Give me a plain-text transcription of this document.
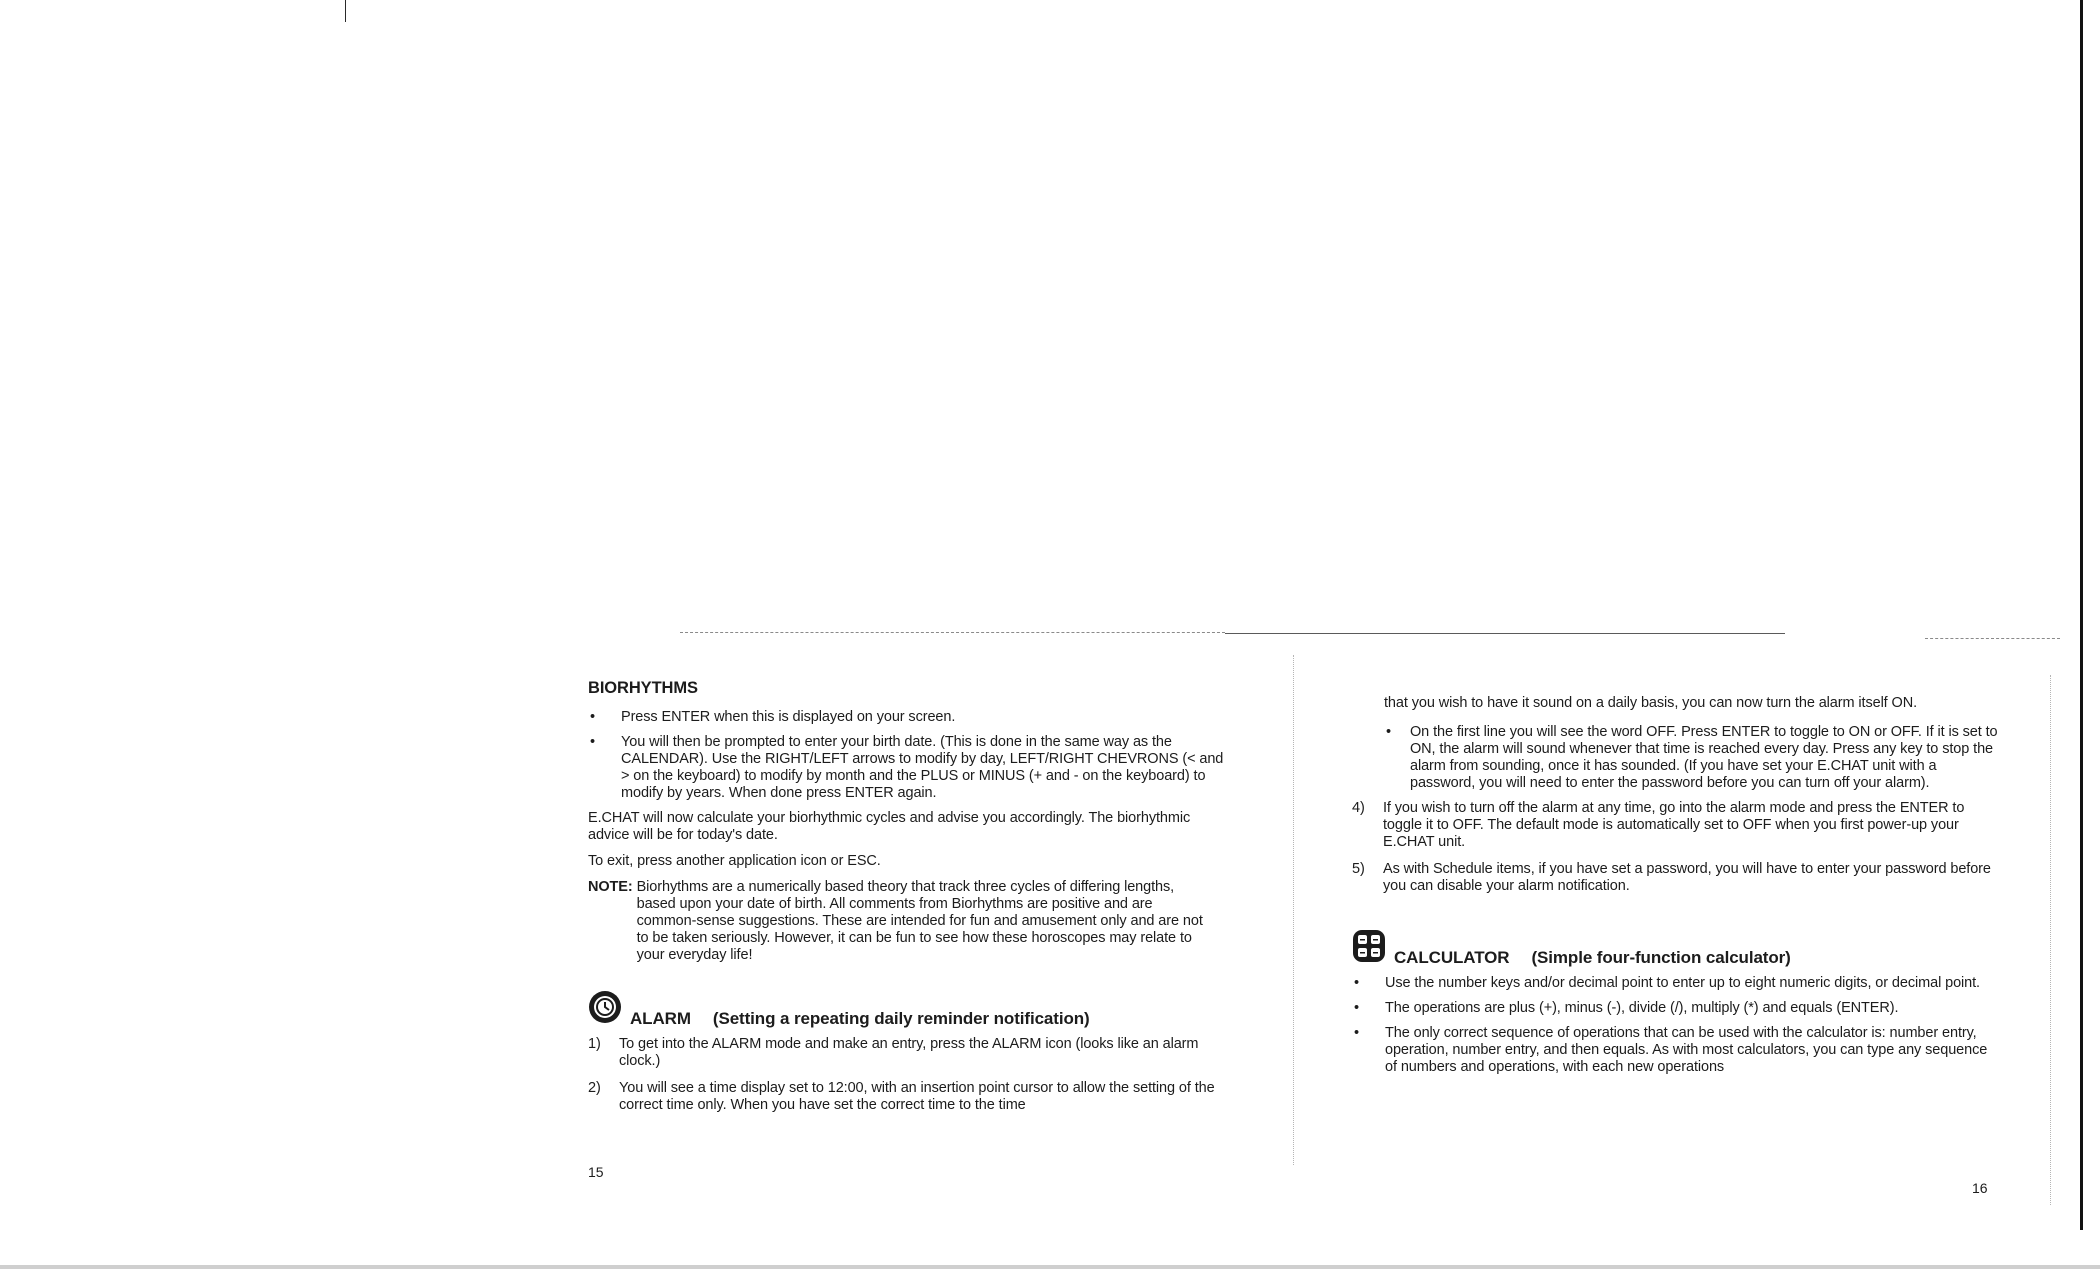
BIORHYTHMS

• Press ENTER when this is displayed on your screen.
• You will then be prompted to enter your birth date. (This is done in the same way as the CALENDAR). Use the RIGHT/LEFT arrows to modify by day, LEFT/RIGHT CHEVRONS (< and > on the keyboard) to modify by month and the PLUS or MINUS (+ and - on the keyboard) to modify by years. When done press ENTER again.

E.CHAT will now calculate your biorhythmic cycles and advise you accordingly. The biorhythmic advice will be for today's date.

To exit, press another application icon or ESC.

NOTE: Biorhythms are a numerically based theory that track three cycles of differing lengths, based upon your date of birth. All comments from Biorhythms are positive and are common-sense suggestions. These are intended for fun and amusement only and are not to be taken seriously. However, it can be fun to see how these horoscopes may relate to your everyday life!
ALARM (Setting a repeating daily reminder notification)
1) To get into the ALARM mode and make an entry, press the ALARM icon (looks like an alarm clock.)
2) You will see a time display set to 12:00, with an insertion point cursor to allow the setting of the correct time only. When you have set the correct time to the time
15

that you wish to have it sound on a daily basis, you can now turn the alarm itself ON.

• On the first line you will see the word OFF. Press ENTER to toggle to ON or OFF. If it is set to ON, the alarm will sound whenever that time is reached every day. Press any key to stop the alarm from sounding, once it has sounded. (If you have set your E.CHAT unit with a password, you will need to enter the password before you can turn off your alarm).
4) If you wish to turn off the alarm at any time, go into the alarm mode and press the ENTER to toggle it to OFF. The default mode is automatically set to OFF when you first power-up your E.CHAT unit.
5) As with Schedule items, if you have set a password, you will have to enter your password before you can disable your alarm notification.
CALCULATOR (Simple four-function calculator)
• Use the number keys and/or decimal point to enter up to eight numeric digits, or decimal point.
• The operations are plus (+), minus (-), divide (/), multiply (*) and equals (ENTER).
• The only correct sequence of operations that can be used with the calculator is: number entry, operation, number entry, and then equals. As with most calculators, you can type any sequence of numbers and operations, with each new operations
16
